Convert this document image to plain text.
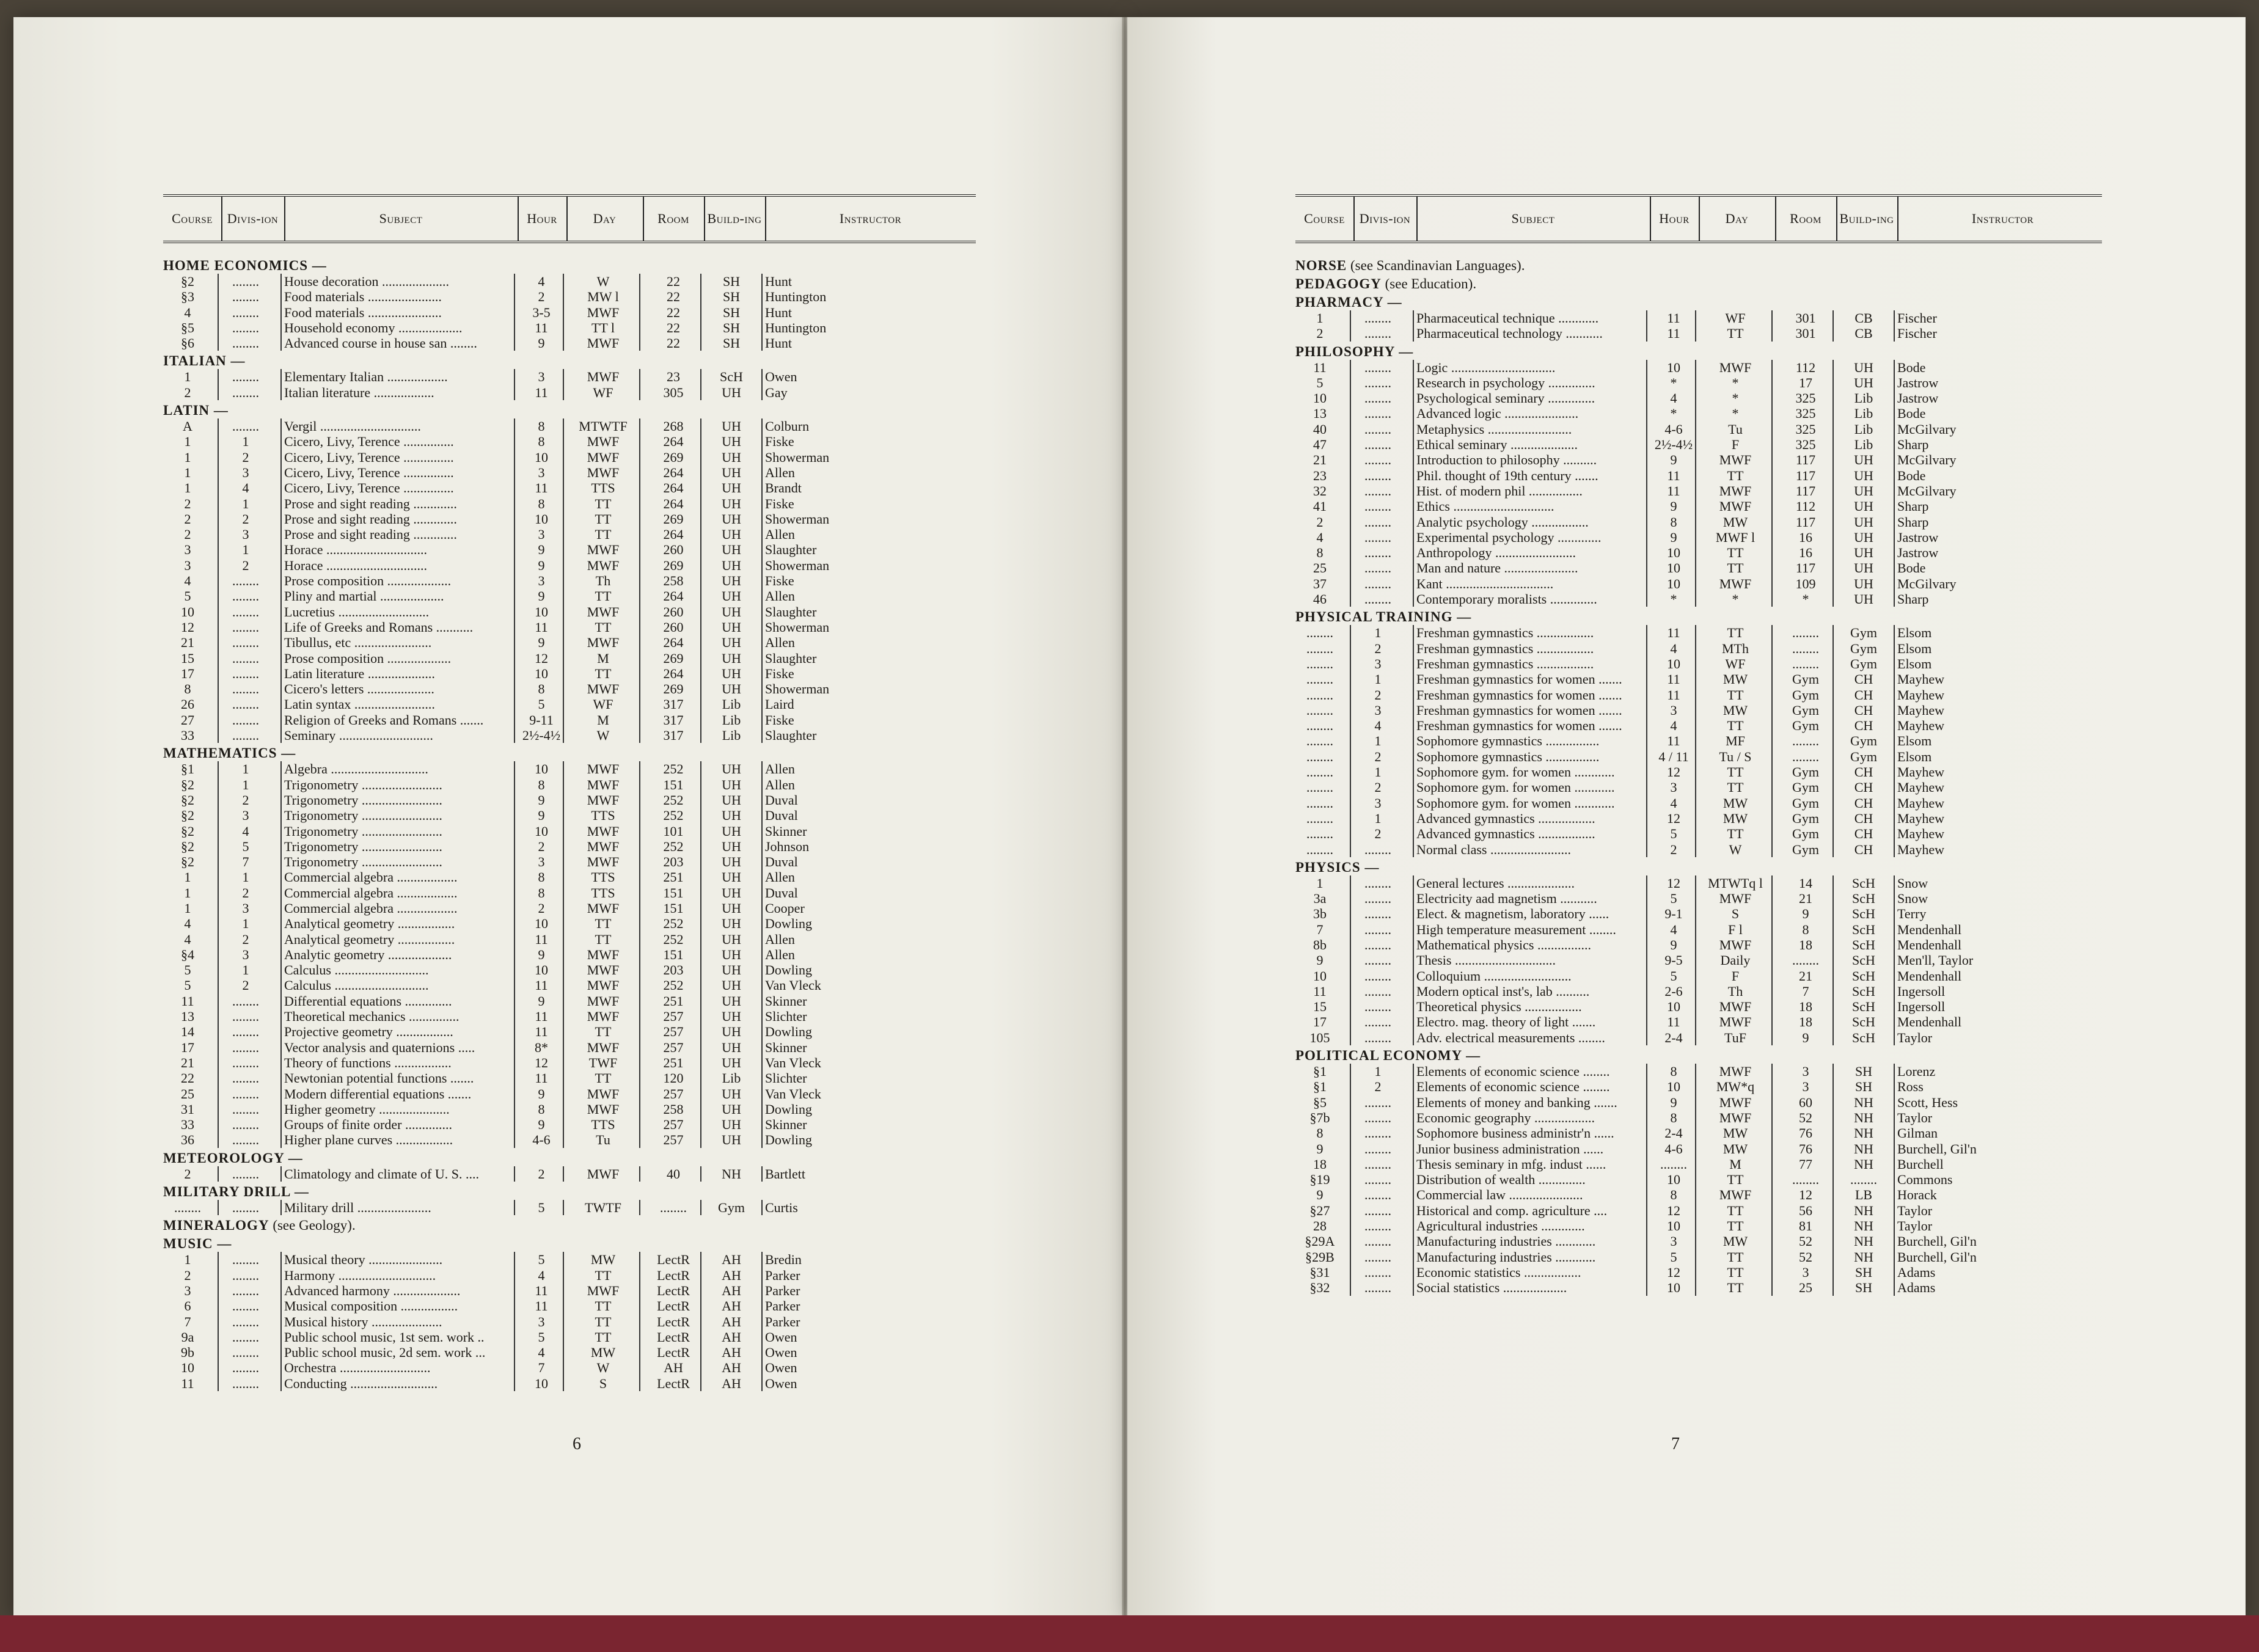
Course	Divis-ion	Subject	Hour	Day	Room	Build-ing	Instructor
HOME ECONOMICS —
§2	........	House decoration ....................	4	W	22	SH	Hunt
§3	........	Food materials ......................	2	MW l	22	SH	Huntington
4	........	Food materials ......................	3-5	MWF	22	SH	Hunt
§5	........	Household economy ...................	11	TT l	22	SH	Huntington
§6	........	Advanced course in house san ........	9	MWF	22	SH	Hunt
ITALIAN —
1	........	Elementary Italian ..................	3	MWF	23	ScH	Owen
2	........	Italian literature ..................	11	WF	305	UH	Gay
LATIN —
A	........	Vergil ..............................	8	MTWTF	268	UH	Colburn
1	1	Cicero, Livy, Terence ...............	8	MWF	264	UH	Fiske
1	2	Cicero, Livy, Terence ...............	10	MWF	269	UH	Showerman
1	3	Cicero, Livy, Terence ...............	3	MWF	264	UH	Allen
1	4	Cicero, Livy, Terence ...............	11	TTS	264	UH	Brandt
2	1	Prose and sight reading .............	8	TT	264	UH	Fiske
2	2	Prose and sight reading .............	10	TT	269	UH	Showerman
2	3	Prose and sight reading .............	3	TT	264	UH	Allen
3	1	Horace ..............................	9	MWF	260	UH	Slaughter
3	2	Horace ..............................	9	MWF	269	UH	Showerman
4	........	Prose composition ...................	3	Th	258	UH	Fiske
5	........	Pliny and martial ...................	9	TT	264	UH	Allen
10	........	Lucretius ...........................	10	MWF	260	UH	Slaughter
12	........	Life of Greeks and Romans ...........	11	TT	260	UH	Showerman
21	........	Tibullus, etc .......................	9	MWF	264	UH	Allen
15	........	Prose composition ...................	12	M	269	UH	Slaughter
17	........	Latin literature ....................	10	TT	264	UH	Fiske
8	........	Cicero's letters ....................	8	MWF	269	UH	Showerman
26	........	Latin syntax ........................	5	WF	317	Lib	Laird
27	........	Religion of Greeks and Romans .......	9-11	M	317	Lib	Fiske
33	........	Seminary ............................	2½-4½	W	317	Lib	Slaughter
MATHEMATICS —
§1	1	Algebra .............................	10	MWF	252	UH	Allen
§2	1	Trigonometry ........................	8	MWF	151	UH	Allen
§2	2	Trigonometry ........................	9	MWF	252	UH	Duval
§2	3	Trigonometry ........................	9	TTS	252	UH	Duval
§2	4	Trigonometry ........................	10	MWF	101	UH	Skinner
§2	5	Trigonometry ........................	2	MWF	252	UH	Johnson
§2	7	Trigonometry ........................	3	MWF	203	UH	Duval
1	1	Commercial algebra ..................	8	TTS	251	UH	Allen
1	2	Commercial algebra ..................	8	TTS	151	UH	Duval
1	3	Commercial algebra ..................	2	MWF	151	UH	Cooper
4	1	Analytical geometry .................	10	TT	252	UH	Dowling
4	2	Analytical geometry .................	11	TT	252	UH	Allen
§4	3	Analytic geometry ...................	9	MWF	151	UH	Allen
5	1	Calculus ............................	10	MWF	203	UH	Dowling
5	2	Calculus ............................	11	MWF	252	UH	Van Vleck
11	........	Differential equations ..............	9	MWF	251	UH	Skinner
13	........	Theoretical mechanics ...............	11	MWF	257	UH	Slichter
14	........	Projective geometry .................	11	TT	257	UH	Dowling
17	........	Vector analysis and quaternions .....	8*	MWF	257	UH	Skinner
21	........	Theory of functions .................	12	TWF	251	UH	Van Vleck
22	........	Newtonian potential functions .......	11	TT	120	Lib	Slichter
25	........	Modern differential equations .......	9	MWF	257	UH	Van Vleck
31	........	Higher geometry .....................	8	MWF	258	UH	Dowling
33	........	Groups of finite order ..............	9	TTS	257	UH	Skinner
36	........	Higher plane curves .................	4-6	Tu	257	UH	Dowling
METEOROLOGY —
2	........	Climatology and climate of U. S. ....	2	MWF	40	NH	Bartlett
MILITARY DRILL —
........	........	Military drill ......................	5	TWTF	........	Gym	Curtis
MINERALOGY (see Geology).
MUSIC —
1	........	Musical theory ......................	5	MW	LectR	AH	Bredin
2	........	Harmony .............................	4	TT	LectR	AH	Parker
3	........	Advanced harmony ....................	11	MWF	LectR	AH	Parker
6	........	Musical composition .................	11	TT	LectR	AH	Parker
7	........	Musical history .....................	3	TT	LectR	AH	Parker
9a	........	Public school music, 1st sem. work ..	5	TT	LectR	AH	Owen
9b	........	Public school music, 2d sem. work ...	4	MW	LectR	AH	Owen
10	........	Orchestra ...........................	7	W	AH	AH	Owen
11	........	Conducting ..........................	10	S	LectR	AH	Owen
6
Course	Divis-ion	Subject	Hour	Day	Room	Build-ing	Instructor
NORSE (see Scandinavian Languages).
PEDAGOGY (see Education).
PHARMACY —
1	........	Pharmaceutical technique ............	11	WF	301	CB	Fischer
2	........	Pharmaceutical technology ...........	11	TT	301	CB	Fischer
PHILOSOPHY —
11	........	Logic ...............................	10	MWF	112	UH	Bode
5	........	Research in psychology ..............	*	*	17	UH	Jastrow
10	........	Psychological seminary ..............	4	*	325	Lib	Jastrow
13	........	Advanced logic ......................	*	*	325	Lib	Bode
40	........	Metaphysics .........................	4-6	Tu	325	Lib	McGilvary
47	........	Ethical seminary ....................	2½-4½	F	325	Lib	Sharp
21	........	Introduction to philosophy ..........	9	MWF	117	UH	McGilvary
23	........	Phil. thought of 19th century .......	11	TT	117	UH	Bode
32	........	Hist. of modern phil ................	11	MWF	117	UH	McGilvary
41	........	Ethics ..............................	9	MWF	112	UH	Sharp
2	........	Analytic psychology .................	8	MW	117	UH	Sharp
4	........	Experimental psychology .............	9	MWF l	16	UH	Jastrow
8	........	Anthropology ........................	10	TT	16	UH	Jastrow
25	........	Man and nature ......................	10	TT	117	UH	Bode
37	........	Kant ................................	10	MWF	109	UH	McGilvary
46	........	Contemporary moralists ..............	*	*	*	UH	Sharp
PHYSICAL TRAINING —
........	1	Freshman gymnastics .................	11	TT	........	Gym	Elsom
........	2	Freshman gymnastics .................	4	MTh	........	Gym	Elsom
........	3	Freshman gymnastics .................	10	WF	........	Gym	Elsom
........	1	Freshman gymnastics for women .......	11	MW	Gym	CH	Mayhew
........	2	Freshman gymnastics for women .......	11	TT	Gym	CH	Mayhew
........	3	Freshman gymnastics for women .......	3	MW	Gym	CH	Mayhew
........	4	Freshman gymnastics for women .......	4	TT	Gym	CH	Mayhew
........	1	Sophomore gymnastics ................	11	MF	........	Gym	Elsom
........	2	Sophomore gymnastics ................	4 / 11	Tu / S	........	Gym	Elsom
........	1	Sophomore gym. for women ............	12	TT	Gym	CH	Mayhew
........	2	Sophomore gym. for women ............	3	TT	Gym	CH	Mayhew
........	3	Sophomore gym. for women ............	4	MW	Gym	CH	Mayhew
........	1	Advanced gymnastics .................	12	MW	Gym	CH	Mayhew
........	2	Advanced gymnastics .................	5	TT	Gym	CH	Mayhew
........	........	Normal class ........................	2	W	Gym	CH	Mayhew
PHYSICS —
1	........	General lectures ....................	12	MTWTq l	14	ScH	Snow
3a	........	Electricity aad magnetism ...........	5	MWF	21	ScH	Snow
3b	........	Elect. & magnetism, laboratory ......	9-1	S	9	ScH	Terry
7	........	High temperature measurement ........	4	F l	8	ScH	Mendenhall
8b	........	Mathematical physics ................	9	MWF	18	ScH	Mendenhall
9	........	Thesis ..............................	9-5	Daily	........	ScH	Men'll, Taylor
10	........	Colloquium ..........................	5	F	21	ScH	Mendenhall
11	........	Modern optical inst's, lab ..........	2-6	Th	7	ScH	Ingersoll
15	........	Theoretical physics .................	10	MWF	18	ScH	Ingersoll
17	........	Electro. mag. theory of light .......	11	MWF	18	ScH	Mendenhall
105	........	Adv. electrical measurements ........	2-4	TuF	9	ScH	Taylor
POLITICAL ECONOMY —
§1	1	Elements of economic science ........	8	MWF	3	SH	Lorenz
§1	2	Elements of economic science ........	10	MW*q	3	SH	Ross
§5	........	Elements of money and banking .......	9	MWF	60	NH	Scott, Hess
§7b	........	Economic geography ..................	8	MWF	52	NH	Taylor
8	........	Sophomore business administr'n ......	2-4	MW	76	NH	Gilman
9	........	Junior business administration ......	4-6	MW	76	NH	Burchell, Gil'n
18	........	Thesis seminary in mfg. indust ......	........	M	77	NH	Burchell
§19	........	Distribution of wealth ..............	10	TT	........	........	Commons
9	........	Commercial law ......................	8	MWF	12	LB	Horack
§27	........	Historical and comp. agriculture ....	12	TT	56	NH	Taylor
28	........	Agricultural industries .............	10	TT	81	NH	Taylor
§29A	........	Manufacturing industries ............	3	MW	52	NH	Burchell, Gil'n
§29B	........	Manufacturing industries ............	5	TT	52	NH	Burchell, Gil'n
§31	........	Economic statistics .................	12	TT	3	SH	Adams
§32	........	Social statistics ...................	10	TT	25	SH	Adams
7
